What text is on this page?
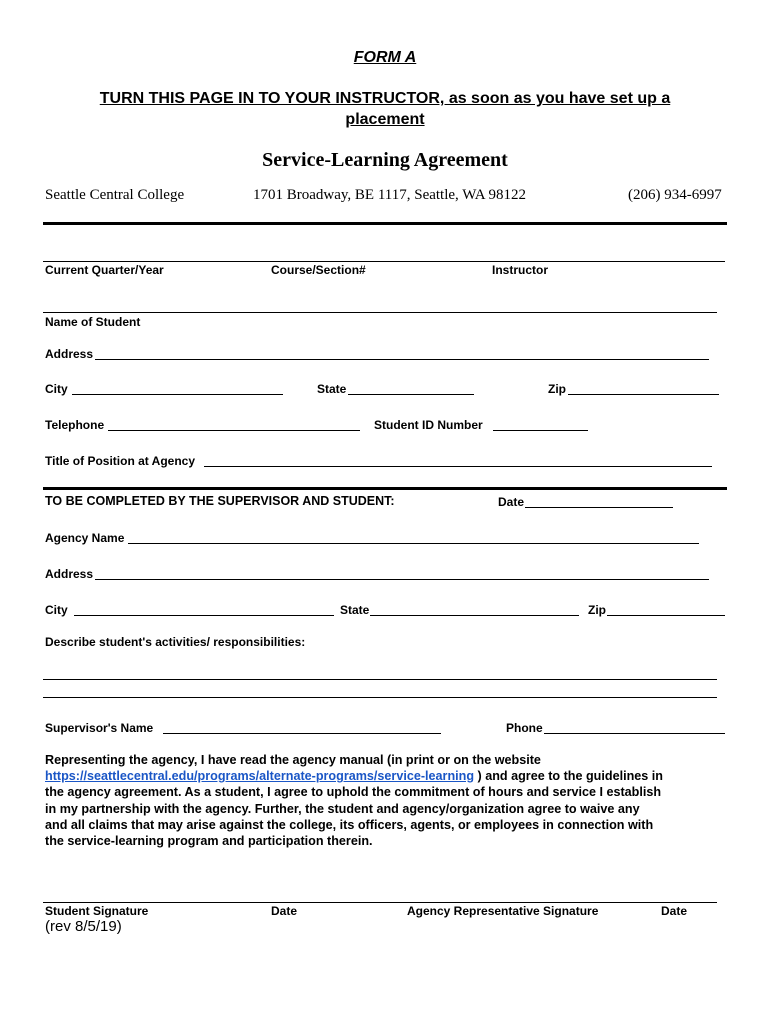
FORM A
TURN THIS PAGE IN TO YOUR INSTRUCTOR, as soon as you have set up a
placement
Service-Learning Agreement
Seattle Central College	1701 Broadway, BE 1117, Seattle, WA 98122	(206) 934-6997
Current Quarter/Year	Course/Section#	Instructor
Name of Student
Address
City	State	Zip
Telephone	Student ID Number
Title of Position at Agency
TO BE COMPLETED BY THE SUPERVISOR AND STUDENT:	Date
Agency Name
Address
City	State	Zip
Describe student's activities/ responsibilities:
Supervisor's Name	Phone
Representing the agency, I have read the agency manual (in print or on the website
https://seattlecentral.edu/programs/alternate-programs/service-learning ) and agree to the guidelines in
the agency agreement. As a student, I agree to uphold the commitment of hours and service I establish
in my partnership with the agency. Further, the student and agency/organization agree to waive any
and all claims that may arise against the college, its officers, agents, or employees in connection with
the service-learning program and participation therein.
Student Signature	Date	Agency Representative Signature	Date
(rev 8/5/19)
